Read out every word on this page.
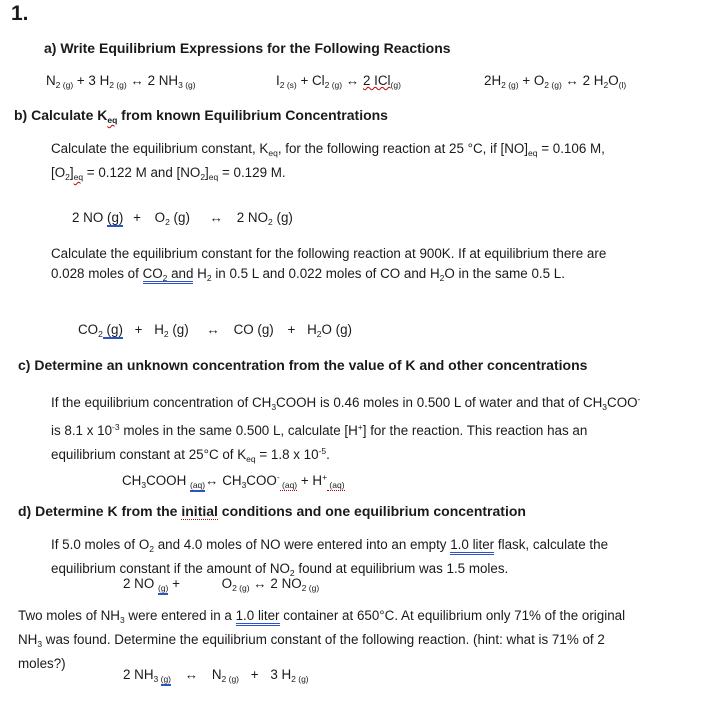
1.
a) Write Equilibrium Expressions for the Following Reactions
$N_{2 (g)} + 3$ $H_{2 (g)}$ ↔ 2 $NH_{3 (g)}$	$I_{2 (s)} + Cl_{2 (g)}$ ↔ 2 ICl$_{(g)}$	$2H_{2 (g)} + O_{2 (g)}$ ↔ 2 $H_2O_{(l)}$
b) Calculate $K_{eq}$ from known Equilibrium Concentrations
Calculate the equilibrium constant, $K_{eq}$, for the following reaction at 25 °C, if $[NO]_{eq} = 0.106$ M,
$[O_2]_{eq} = 0.122$ M and $[NO_2]_{eq} = 0.129$ M.
2 NO $(g) + O_2$ (g) ↔ 2 $NO_2$ (g)
Calculate the equilibrium constant for the following reaction at 900K. If at equilibrium there are
0.028 moles of $CO_2$ and $H_2$ in 0.5 L and 0.022 moles of CO and $H_2O$ in the same 0.5 L.
$CO_2$ $(g) + H_2$ (g) ↔ CO $(g) + H_2O$ (g)
c) Determine an unknown concentration from the value of K and other concentrations
If the equilibrium concentration of $CH_3COOH$ is 0.46 moles in 0.500 L of water and that of $CH_3COO^-$
is 8.1 x $10^{-3}$ moles in the same 0.500 L, calculate [H+] for the reaction. This reaction has an
equilibrium constant at 25°C of $K_{eq} = 1.8$ x $10^{-5}$.
$CH_3COOH$ $_{(aq)}$↔ $CH_3COO^-$ $_{(aq)}$ + H+ $_{(aq)}$
d) Determine K from the initial conditions and one equilibrium concentration
If 5.0 moles of $O_2$ and 4.0 moles of NO were entered into an empty 1.0 liter flask, calculate the
equilibrium constant if the amount of $NO_2$ found at equilibrium was 1.5 moles.
2 NO $_{(g)}$ +	$O_{2 (g)}$ ↔ 2 $NO_{2 (g)}$
Two moles of $NH_3$ were entered in a 1.0 liter container at 650°C. At equilibrium only 71% of the original
$NH_3$ was found. Determine the equilibrium constant of the following reaction. (hint: what is 71% of 2
moles?)
2 $NH_3$ $_{(g)}$ ↔ $N_{2 (g)} + 3$ $H_{2 (g)}$
